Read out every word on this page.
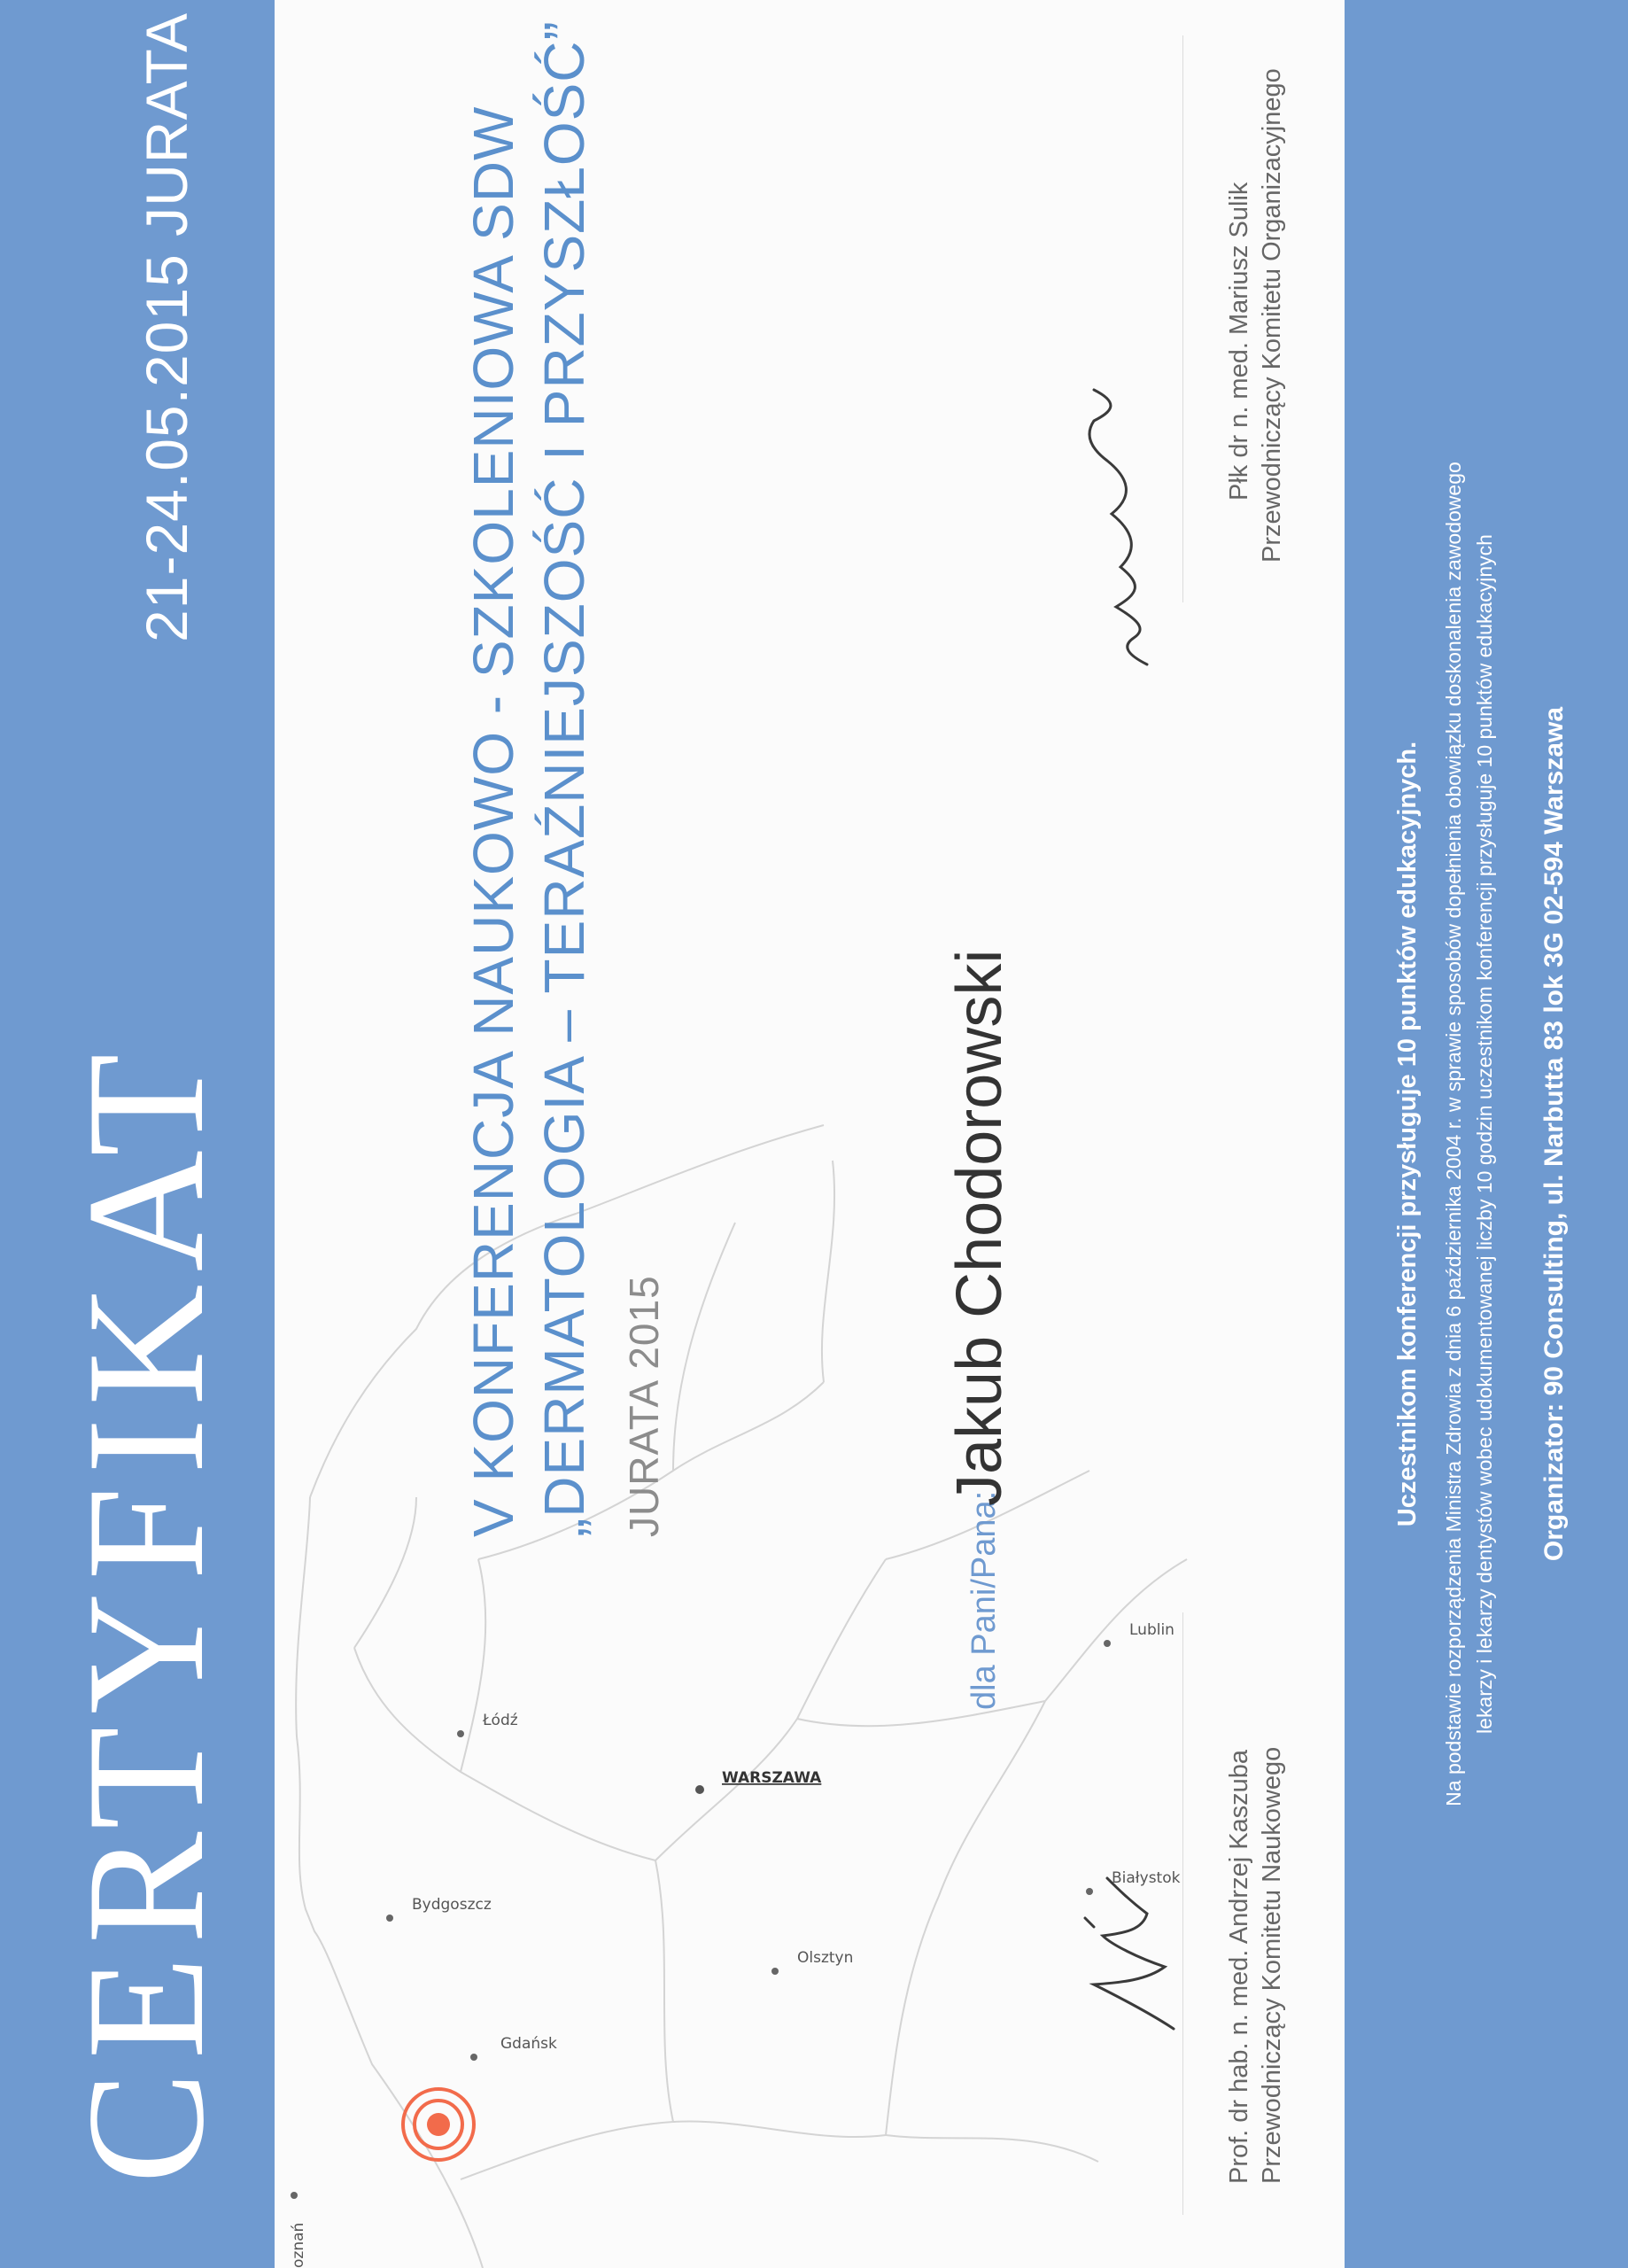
CERTYFIKAT
21-24.05.2015 JURATA
Gdańsk
Olsztyn
Białystok
Bydgoszcz
WARSZAWA
Łódź
Lublin
oznań
V KONFERENCJA NAUKOWO - SZKOLENIOWA SDW „DERMATOLOGIA – TERAŹNIEJSZOŚĆ I PRZYSZŁOŚĆ” JURATA 2015
dla Pani/Pana:
Jakub Chodorowski
Prof. dr hab. n. med. Andrzej Kaszuba Przewodniczący Komitetu Naukowego
Płk dr n. med. Mariusz Sulik Przewodniczący Komitetu Organizacyjnego
Uczestnikom konferencji przysługuje 10 punktów edukacyjnych. Na podstawie rozporządzenia Ministra Zdrowia z dnia 6 października 2004 r. w sprawie sposobów dopełnienia obowiązku doskonalenia zawodowego lekarzy i lekarzy dentystów wobec udokumentowanej liczby 10 godzin uczestnikom konferencji przysługuje 10 punktów edukacyjnych Organizator: 90 Consulting, ul. Narbutta 83 lok 3G 02-594 Warszawa
